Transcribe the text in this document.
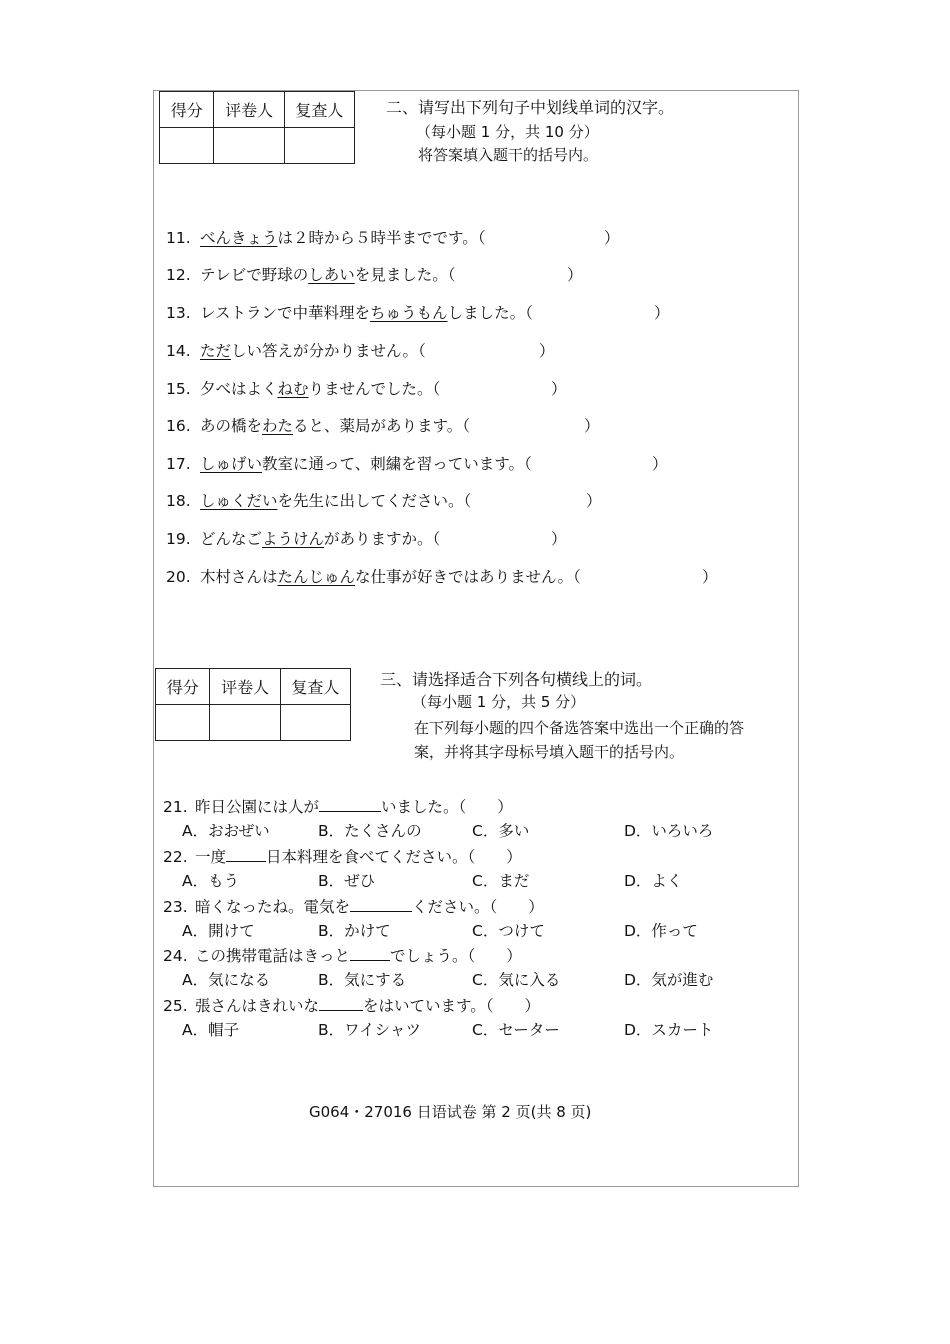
得分	评卷人	复查人
			二、请写出下列句子中划线单词的汉字。
（每小题 1 分，共 10 分）
将答案填入题干的括号内。
11. べんきょうは２時から５時半までです。（	）
12. テレビで野球のしあいを見ました。（	）
13. レストランで中華料理をちゅうもんしました。（	）
14. ただしい答えが分かりません。（	）
15. 夕べはよくねむりませんでした。（	）
16. あの橋をわたると、薬局があります。（	）
17. しゅげい教室に通って、刺繍を習っています。（	）
18. しゅくだいを先生に出してください。（	）
19. どんなごようけんがありますか。（	）
20. 木村さんはたんじゅんな仕事が好きではありません。（	）
得分	评卷人	复查人
			三、请选择适合下列各句横线上的词。
（每小题 1 分，共 5 分）
在下列每小题的四个备选答案中选出一个正确的答
案，并将其字母标号填入题干的括号内。
21. 昨日公園には人が	いました。（　　）
A．おおぜい	B．たくさんの	C．多い	D．いろいろ
22. 一度	日本料理を食べてください。（　　）
A．もう	B．ぜひ	C．まだ	D．よく
23. 暗くなったね。電気を	ください。（　　）
A．開けて	B．かけて	C．つけて	D．作って
24. この携帯電話はきっと	でしょう。（　　）
A．気になる	B．気にする	C．気に入る	D．気が進む
25. 張さんはきれいな	をはいています。（　　）
A．帽子	B．ワイシャツ	C．セーター	D．スカート
G064・27016 日语试卷 第 2 页(共 8 页)
